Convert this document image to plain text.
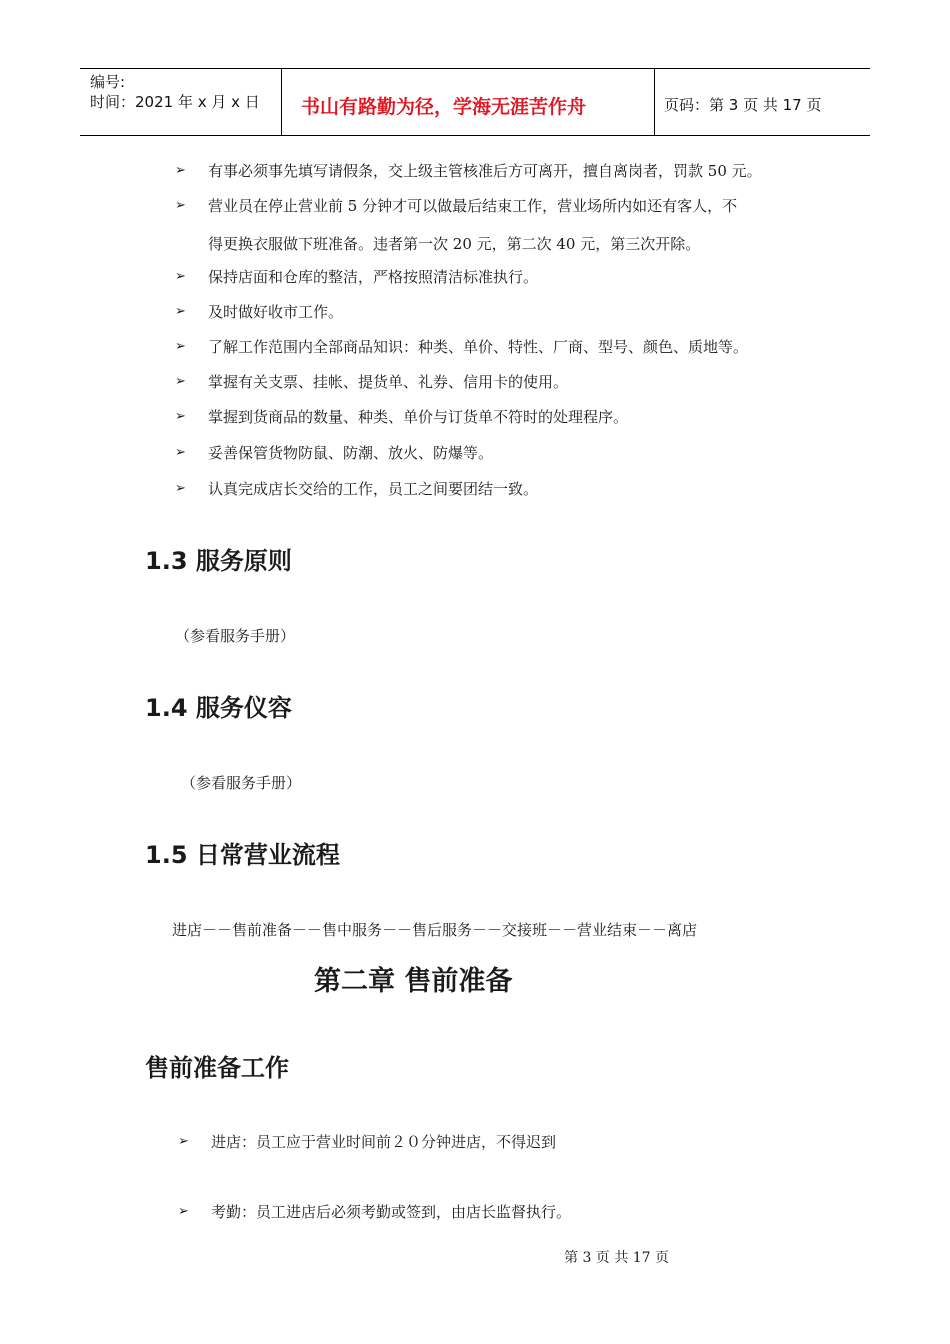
编号:
时间：2021 年 x 月 x 日 书山有路勤为径，学海无涯苦作舟	页码：第 3 页 共 17 页
➢ 有事必须事先填写请假条，交上级主管核准后方可离开，擅自离岗者，罚款 50 元。
➢ 营业员在停止营业前 5 分钟才可以做最后结束工作，营业场所内如还有客人，不
得更换衣服做下班准备。违者第一次 20 元，第二次 40 元，第三次开除。
➢ 保持店面和仓库的整洁，严格按照清洁标准执行。
➢ 及时做好收市工作。
➢ 了解工作范围内全部商品知识：种类、单价、特性、厂商、型号、颜色、质地等。
➢ 掌握有关支票、挂帐、提货单、礼券、信用卡的使用。
➢ 掌握到货商品的数量、种类、单价与订货单不符时的处理程序。
➢ 妥善保管货物防鼠、防潮、放火、防爆等。
➢ 认真完成店长交给的工作，员工之间要团结一致。
1.3 服务原则
（参看服务手册）
1.4 服务仪容
（参看服务手册）
1.5 日常营业流程
进店－－售前准备－－售中服务－－售后服务－－交接班－－营业结束－－离店
第二章 售前准备
售前准备工作
➢ 进店：员工应于营业时间前２０分钟进店，不得迟到
➢ 考勤：员工进店后必须考勤或签到，由店长监督执行。
第 3 页 共 17 页
